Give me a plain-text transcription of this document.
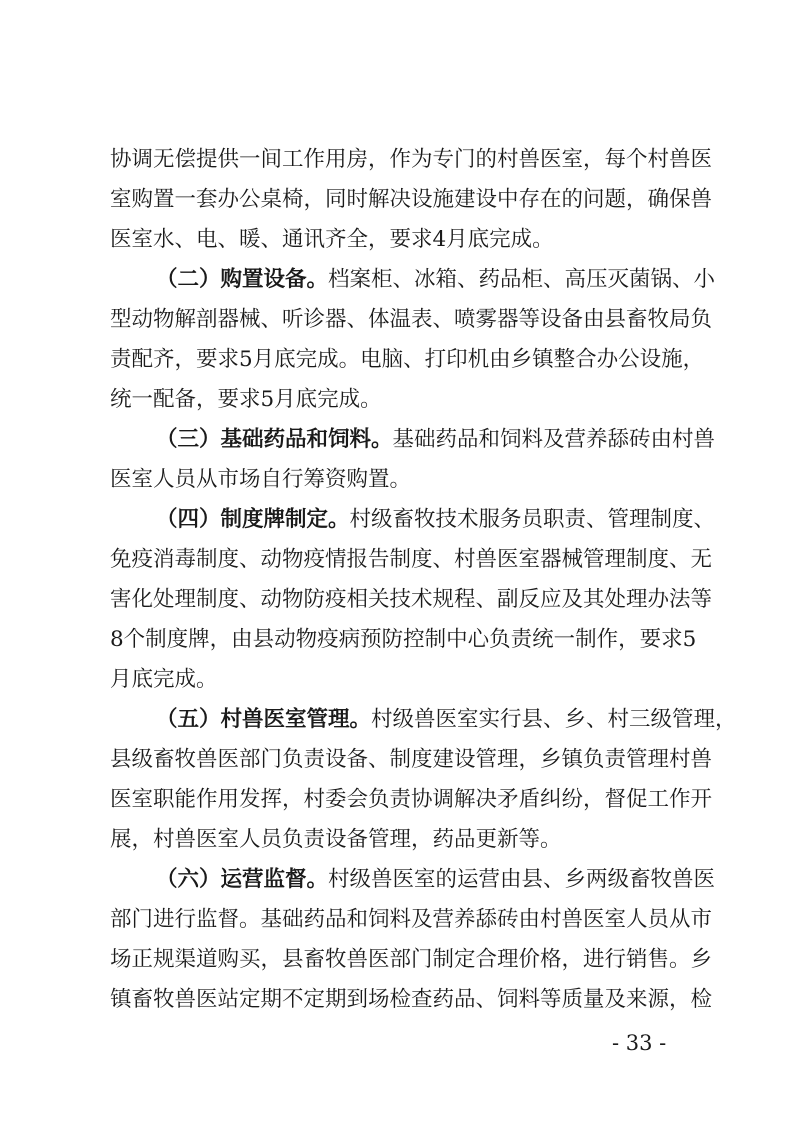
协调无偿提供一间工作用房，作为专门的村兽医室，每个村兽医
室购置一套办公桌椅，同时解决设施建设中存在的问题，确保兽
医室水、电、暖、通讯齐全，要求4月底完成。
（二）购置设备。档案柜、冰箱、药品柜、高压灭菌锅、小
型动物解剖器械、听诊器、体温表、喷雾器等设备由县畜牧局负
责配齐，要求5月底完成。电脑、打印机由乡镇整合办公设施，
统一配备，要求5月底完成。
（三）基础药品和饲料。基础药品和饲料及营养舔砖由村兽
医室人员从市场自行筹资购置。
（四）制度牌制定。村级畜牧技术服务员职责、管理制度、
免疫消毒制度、动物疫情报告制度、村兽医室器械管理制度、无
害化处理制度、动物防疫相关技术规程、副反应及其处理办法等
8个制度牌，由县动物疫病预防控制中心负责统一制作，要求5
月底完成。
（五）村兽医室管理。村级兽医室实行县、乡、村三级管理，
县级畜牧兽医部门负责设备、制度建设管理，乡镇负责管理村兽
医室职能作用发挥，村委会负责协调解决矛盾纠纷，督促工作开
展，村兽医室人员负责设备管理，药品更新等。
（六）运营监督。村级兽医室的运营由县、乡两级畜牧兽医
部门进行监督。基础药品和饲料及营养舔砖由村兽医室人员从市
场正规渠道购买，县畜牧兽医部门制定合理价格，进行销售。乡
镇畜牧兽医站定期不定期到场检查药品、饲料等质量及来源，检
- 33 -
